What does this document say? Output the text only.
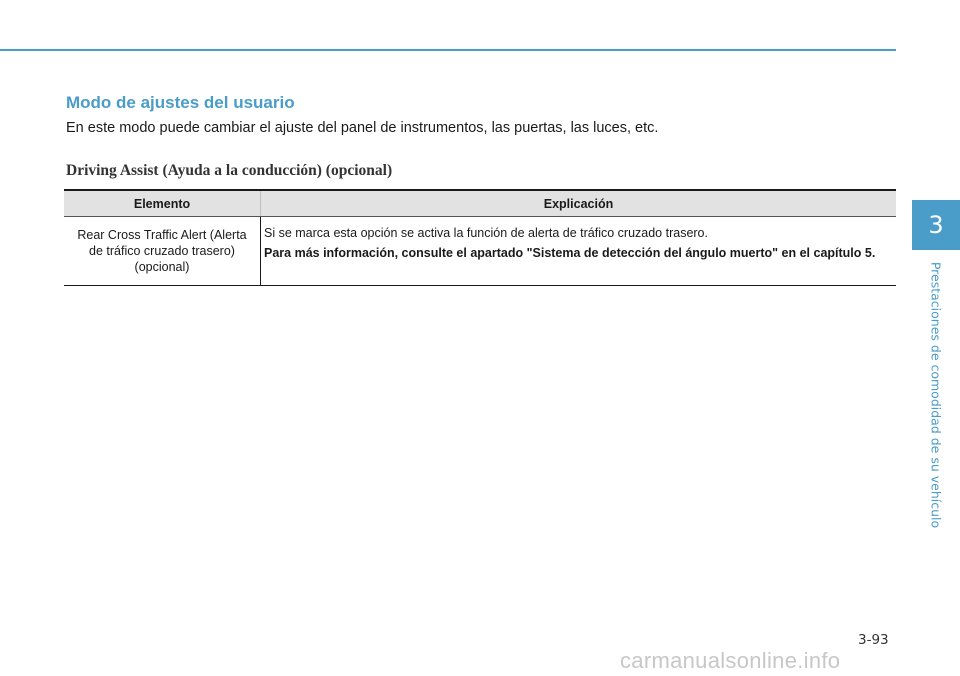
Modo de ajustes del usuario

En este modo puede cambiar el ajuste del panel de instrumentos, las puertas, las luces, etc.

Driving Assist (Ayuda a la conducción) (opcional)
Elemento	Explicación
Rear Cross Traffic Alert (Alerta de tráfico cruzado trasero) (opcional)	Si se marca esta opción se activa la función de alerta de tráfico cruzado trasero.

Para más información, consulte el apartado "Sistema de detección del ángulo muerto" en el capítulo 5.

3
Prestaciones de comodidad de su vehículo
3-93
carmanualsonline.info
